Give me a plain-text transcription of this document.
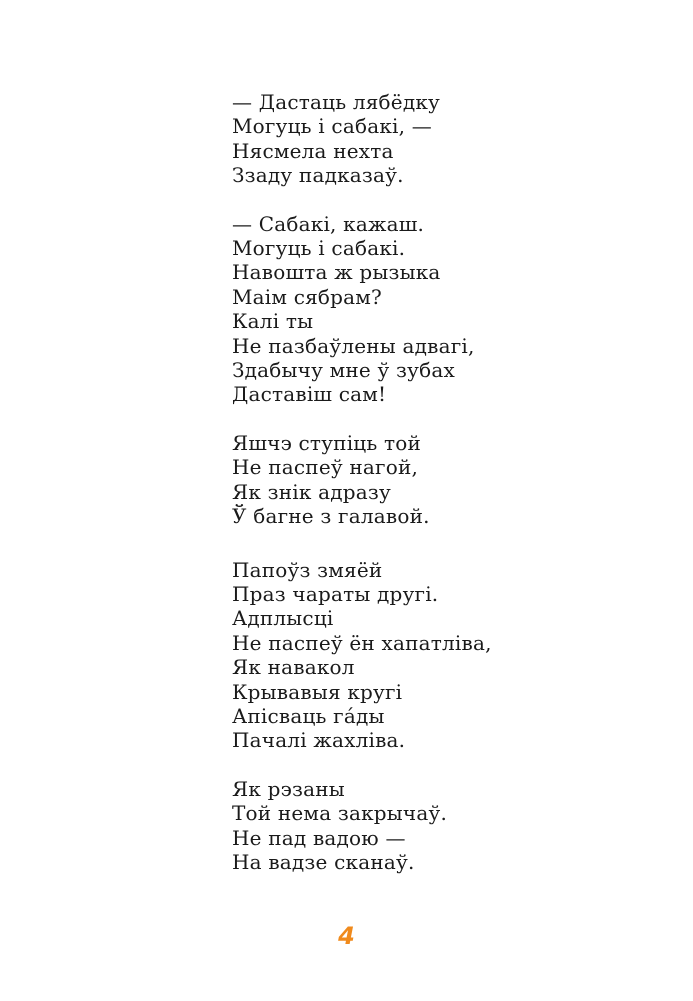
— Дастаць лябёдку
Могуць і сабакі, —
Нясмела нехта
Ззаду падказаў.
— Сабакі, кажаш.
Могуць і сабакі.
Навошта ж рызыка
Маім сябрам?
Калі ты
Не пазбаўлены адвагі,
Здабычу мне ў зубах
Даставіш сам!
Яшчэ ступіць той
Не паспеў нагой,
Як знік адразу
Ў багне з галавой.
Папоўз змяёй
Праз чараты другі.
Адплысці
Не паспеў ён хапатліва,
Як навакол
Крывавыя кругі
Апісваць гáды
Пачалі жахліва.
Як рэзаны
Той нема закрычаў.
Не пад вадою —
На вадзе сканаў.
4
